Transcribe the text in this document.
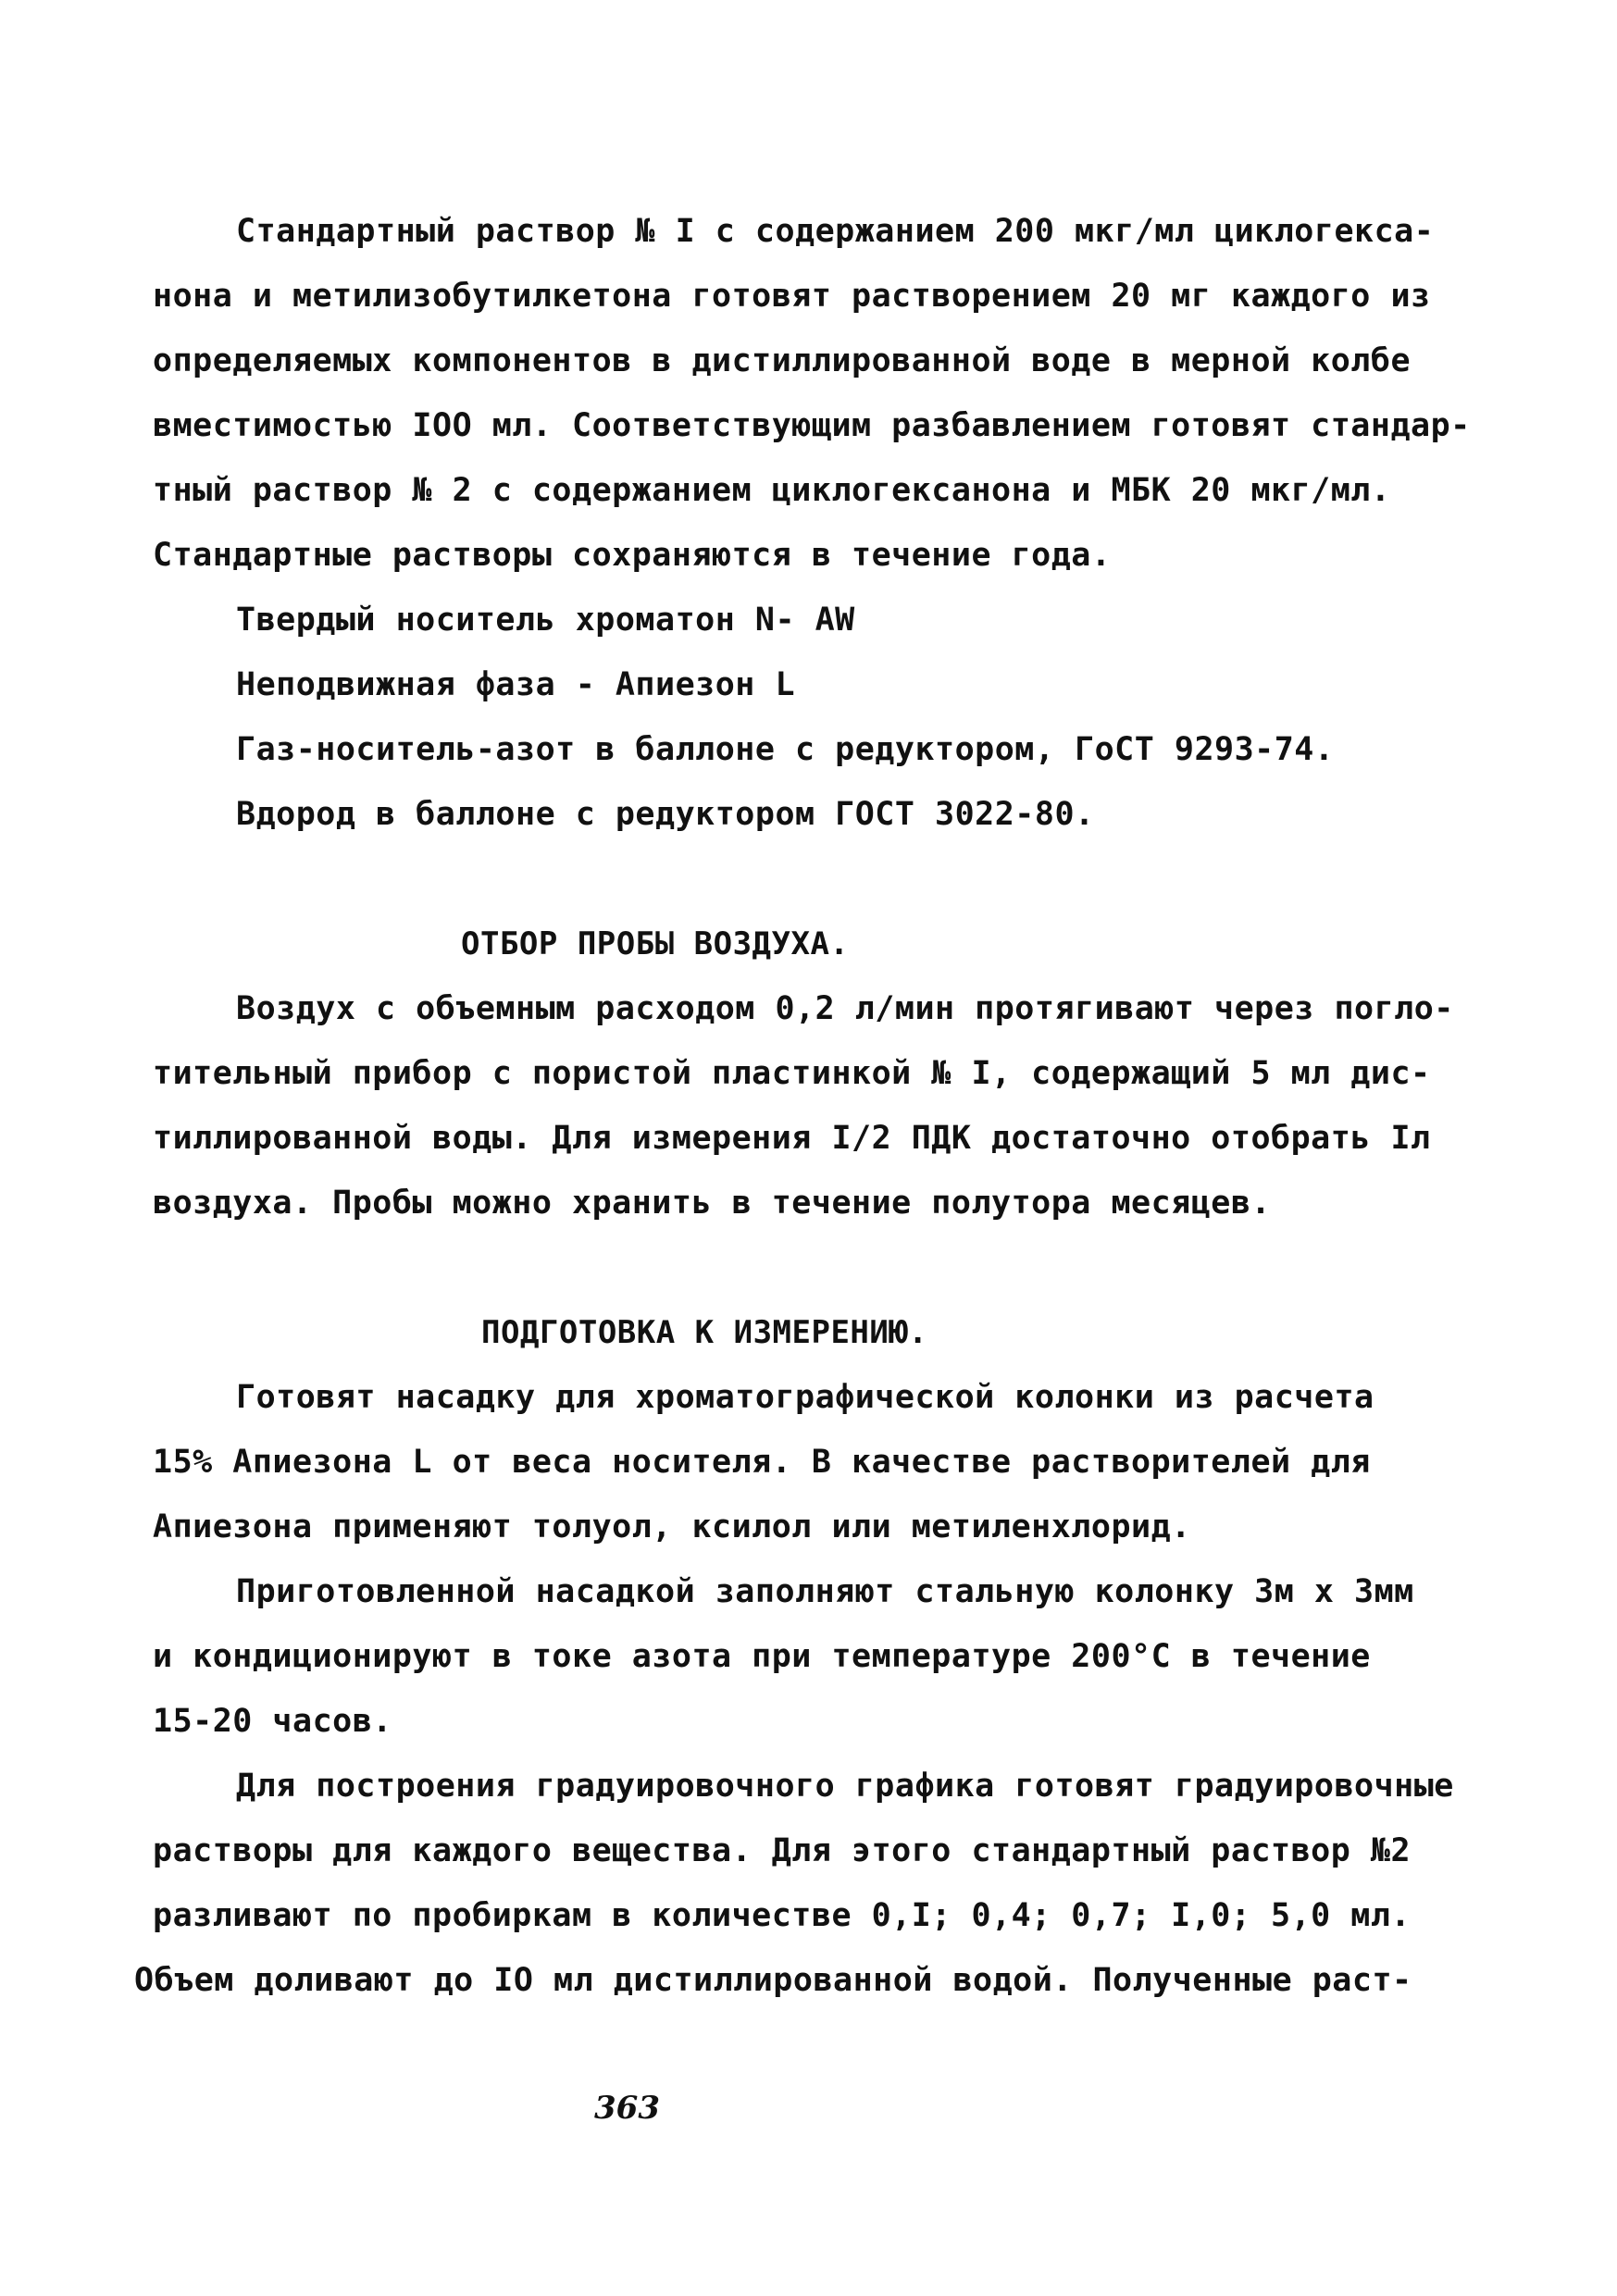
Стандартный раствор № I с содержанием 200 мкг/мл циклогекса-
нона и метилизобутилкетона готовят растворением 20 мг каждого из
определяемых компонентов в дистиллированной воде в мерной колбе
вместимостью IOO мл. Соответствующим разбавлением готовят стандар-
тный раствор № 2 с содержанием циклогексанона и МБК 20 мкг/мл.
Стандартные растворы сохраняются в течение года.
Твердый носитель хроматон N- AW
Неподвижная фаза - Апиезон L
Газ-носитель-азот в баллоне с редуктором, ГоСТ 9293-74.
Вдород в баллоне с редуктором ГОСТ 3022-80.
ОТБОР ПРОБЫ ВОЗДУХА.
Воздух с объемным расходом 0,2 л/мин протягивают через погло-
тительный прибор с пористой пластинкой № I, содержащий 5 мл дис-
тиллированной воды. Для измерения I/2 ПДК достаточно отобрать Iл
воздуха. Пробы можно хранить в течение полутора месяцев.
ПОДГОТОВКА К ИЗМЕРЕНИЮ.
Готовят насадку для хроматографической колонки из расчета
15% Апиезона L от веса носителя. В качестве растворителей для
Апиезона применяют толуол, ксилол или метиленхлорид.
Приготовленной насадкой заполняют стальную колонку 3м х 3мм
и кондиционируют в токе азота при температуре 200°С в течение
15-20 часов.
Для построения градуировочного графика готовят градуировочные
растворы для каждого вещества. Для этого стандартный раствор №2
разливают по пробиркам в количестве 0,I; 0,4; 0,7; I,0; 5,0 мл.
Объем доливают до IO мл дистиллированной водой. Полученные раст-
363
